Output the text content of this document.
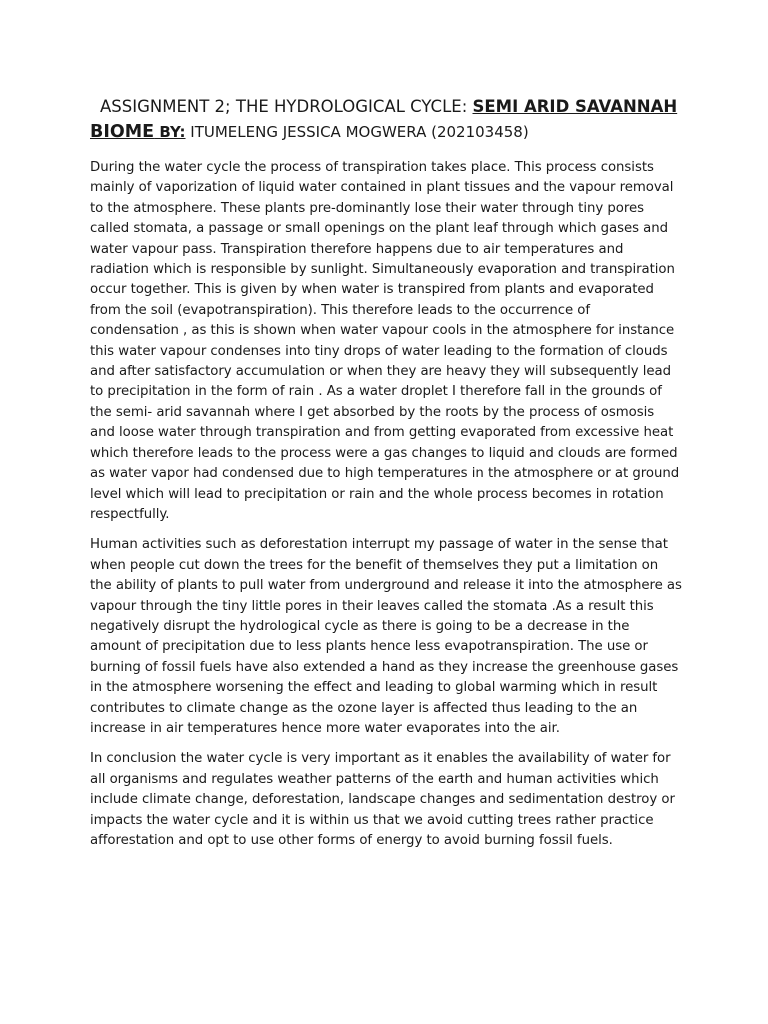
ASSIGNMENT 2; THE HYDROLOGICAL CYCLE: SEMI ARID SAVANNAH
BIOME BY: ITUMELENG JESSICA MOGWERA (202103458)

During the water cycle the process of transpiration takes place. This process consists mainly of vaporization of liquid water contained in plant tissues and the vapour removal to the atmosphere. These plants pre-dominantly lose their water through tiny pores called stomata, a passage or small openings on the plant leaf through which gases and water vapour pass. Transpiration therefore happens due to air temperatures and radiation which is responsible by sunlight. Simultaneously evaporation and transpiration occur together. This is given by when water is transpired from plants and evaporated from the soil (evapotranspiration). This therefore leads to the occurrence of condensation , as this is shown when water vapour cools in the atmosphere for instance this water vapour condenses into tiny drops of water leading to the formation of clouds and after satisfactory accumulation or when they are heavy they will subsequently lead to precipitation in the form of rain . As a water droplet I therefore fall in the grounds of the semi- arid savannah where I get absorbed by the roots by the process of osmosis and loose water through transpiration and from getting evaporated from excessive heat which therefore leads to the process were a gas changes to liquid and clouds are formed as water vapor had condensed due to high temperatures in the atmosphere or at ground level which will lead to precipitation or rain and the whole process becomes in rotation respectfully.

Human activities such as deforestation interrupt my passage of water in the sense that when people cut down the trees for the benefit of themselves they put a limitation on the ability of plants to pull water from underground and release it into the atmosphere as vapour through the tiny little pores in their leaves called the stomata .As a result this negatively disrupt the hydrological cycle as there is going to be a decrease in the amount of precipitation due to less plants hence less evapotranspiration. The use or burning of fossil fuels have also extended a hand as they increase the greenhouse gases in the atmosphere worsening the effect and leading to global warming which in result contributes to climate change as the ozone layer is affected thus leading to the an increase in air temperatures hence more water evaporates into the air.

In conclusion the water cycle is very important as it enables the availability of water for all organisms and regulates weather patterns of the earth and human activities which include climate change, deforestation, landscape changes and sedimentation destroy or impacts the water cycle and it is within us that we avoid cutting trees rather practice afforestation and opt to use other forms of energy to avoid burning fossil fuels.
